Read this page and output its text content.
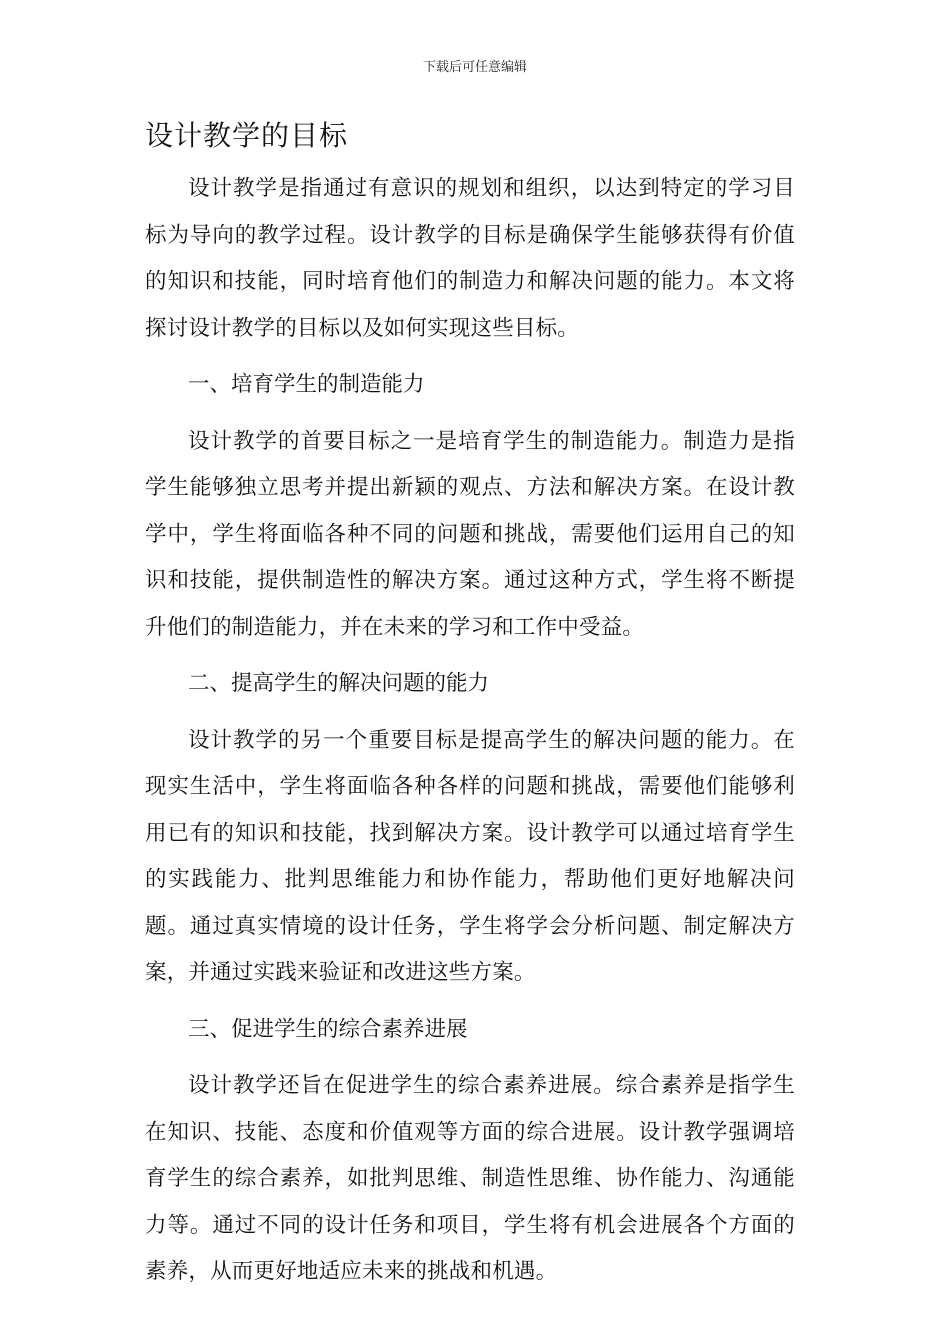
下载后可任意编辑
设计教学的目标

设计教学是指通过有意识的规划和组织，以达到特定的学习目标为导向的教学过程。设计教学的目标是确保学生能够获得有价值的知识和技能，同时培育他们的制造力和解决问题的能力。本文将探讨设计教学的目标以及如何实现这些目标。

一、培育学生的制造能力

设计教学的首要目标之一是培育学生的制造能力。制造力是指学生能够独立思考并提出新颖的观点、方法和解决方案。在设计教学中，学生将面临各种不同的问题和挑战，需要他们运用自己的知识和技能，提供制造性的解决方案。通过这种方式，学生将不断提升他们的制造能力，并在未来的学习和工作中受益。

二、提高学生的解决问题的能力

设计教学的另一个重要目标是提高学生的解决问题的能力。在现实生活中，学生将面临各种各样的问题和挑战，需要他们能够利用已有的知识和技能，找到解决方案。设计教学可以通过培育学生的实践能力、批判思维能力和协作能力，帮助他们更好地解决问题。通过真实情境的设计任务，学生将学会分析问题、制定解决方案，并通过实践来验证和改进这些方案。

三、促进学生的综合素养进展

设计教学还旨在促进学生的综合素养进展。综合素养是指学生在知识、技能、态度和价值观等方面的综合进展。设计教学强调培育学生的综合素养，如批判思维、制造性思维、协作能力、沟通能力等。通过不同的设计任务和项目，学生将有机会进展各个方面的素养，从而更好地适应未来的挑战和机遇。
